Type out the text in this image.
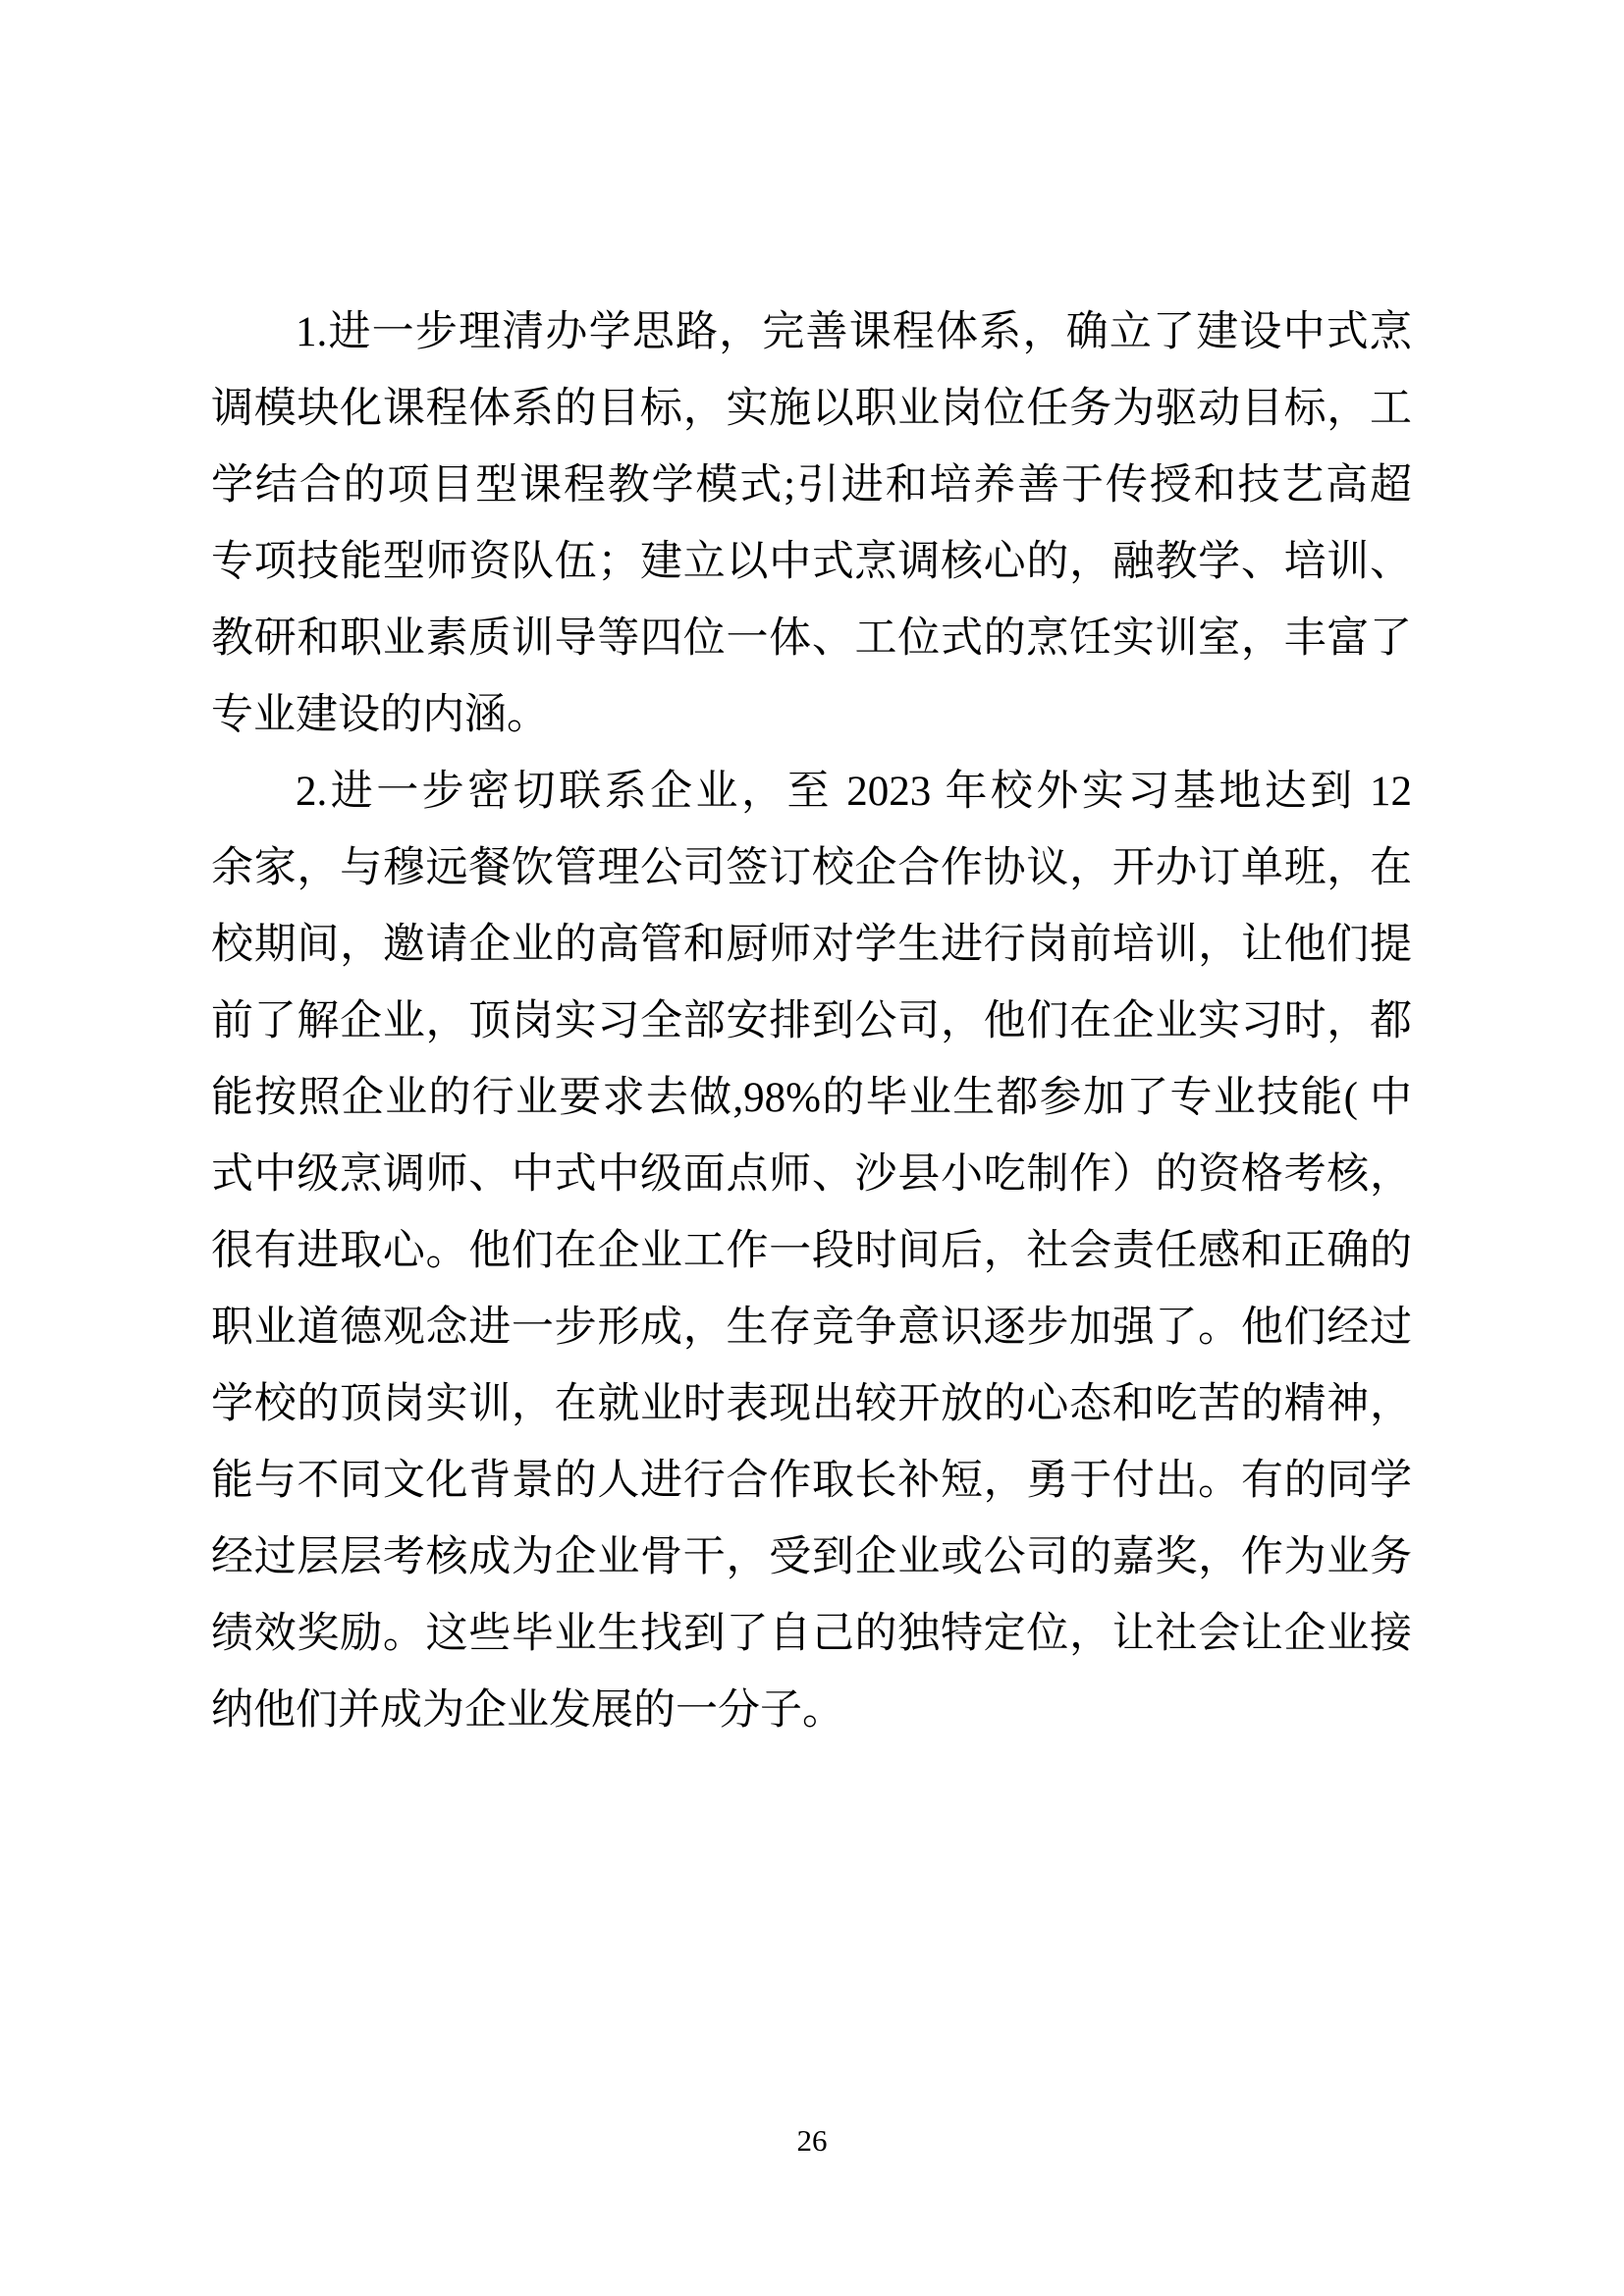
1.进一步理清办学思路，完善课程体系，确立了建设中式烹
调模块化课程体系的目标，实施以职业岗位任务为驱动目标，工
学结合的项目型课程教学模式;引进和培养善于传授和技艺高超
专项技能型师资队伍；建立以中式烹调核心的，融教学、培训、
教研和职业素质训导等四位一体、工位式的烹饪实训室，丰富了
专业建设的内涵。
2.进一步密切联系企业，至 2023 年校外实习基地达到 12
余家，与穆远餐饮管理公司签订校企合作协议，开办订单班，在
校期间，邀请企业的高管和厨师对学生进行岗前培训，让他们提
前了解企业，顶岗实习全部安排到公司，他们在企业实习时，都
能按照企业的行业要求去做,98%的毕业生都参加了专业技能( 中
式中级烹调师、中式中级面点师、沙县小吃制作）的资格考核，
很有进取心。他们在企业工作一段时间后，社会责任感和正确的
职业道德观念进一步形成，生存竞争意识逐步加强了。他们经过
学校的顶岗实训，在就业时表现出较开放的心态和吃苦的精神，
能与不同文化背景的人进行合作取长补短，勇于付出。有的同学
经过层层考核成为企业骨干，受到企业或公司的嘉奖，作为业务
绩效奖励。这些毕业生找到了自己的独特定位，让社会让企业接
纳他们并成为企业发展的一分子。
26
